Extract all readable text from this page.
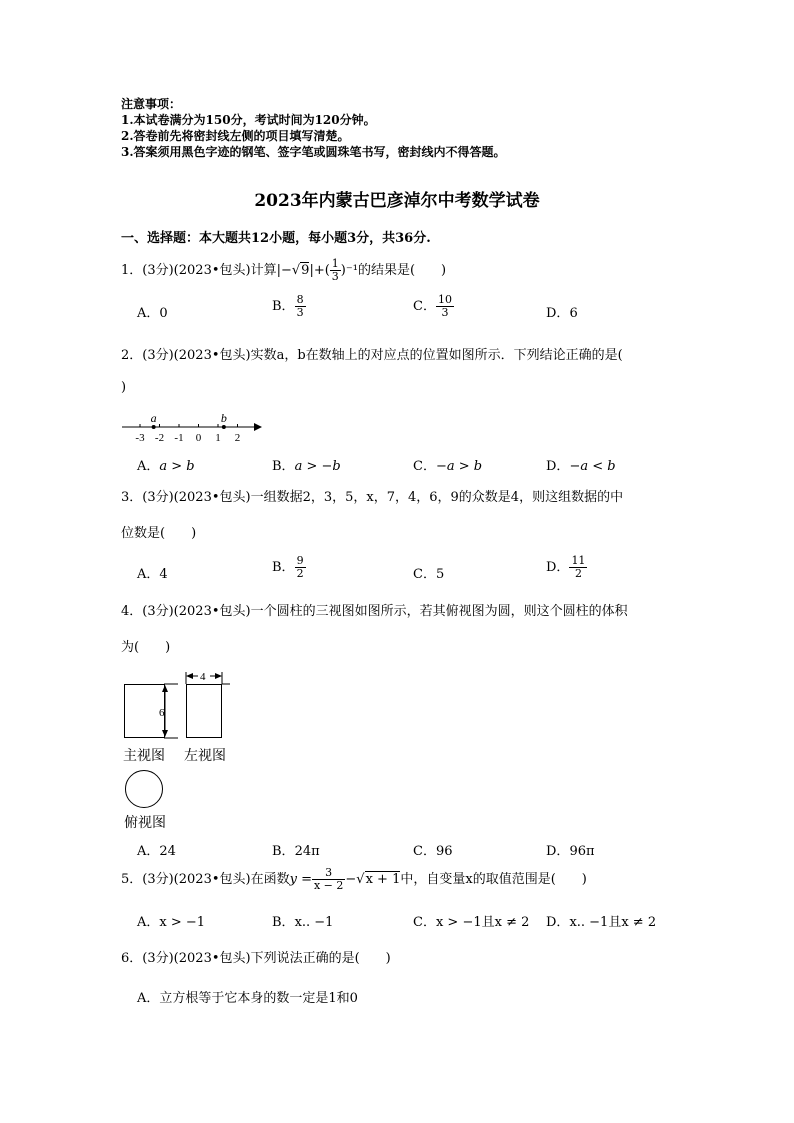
注意事项：
1.本试卷满分为150分，考试时间为120分钟。
2.答卷前先将密封线左侧的项目填写清楚。
3.答案须用黑色字迹的钢笔、签字笔或圆珠笔书写，密封线内不得答题。
2023年内蒙古巴彦淖尔中考数学试卷
一、选择题：本大题共12小题，每小题3分，共36分.
1．(3分)(2023•包头)计算$|-√9|+( \frac{1}{3} )^{-1}$的结果是(　　)
A．0	B． $\frac{8}{3}$	C． $\frac{10}{3}$	D．6
2．(3分)(2023•包头)实数a，b在数轴上的对应点的位置如图所示．下列结论正确的是(
)
-3 -2 -1 0 1 2
a	b
A．a > b	B．a > −b	C．−a > b	D．−a < b
3．(3分)(2023•包头)一组数据2，3，5，x，7，4，6，9的众数是4，则这组数据的中
位数是(　　)
A．4	B． $\frac{9}{2}$	C．5	D． $\frac{11}{2}$
4．(3分)(2023•包头)一个圆柱的三视图如图所示，若其俯视图为圆，则这个圆柱的体积
为(　　)
6
4
主视图 左视图
俯视图
A．24	B．24π	C．96	D．96π
5．(3分)(2023•包头)在函数$y = \frac{3}{x - 2} -√x + 1$中，自变量x的取值范围是(　　)
A．x > −1	B．x.. −1	C．x > −1且x ≠ 2 D．x.. −1且x ≠ 2
6．(3分)(2023•包头)下列说法正确的是(　　)
A．立方根等于它本身的数一定是1和0
